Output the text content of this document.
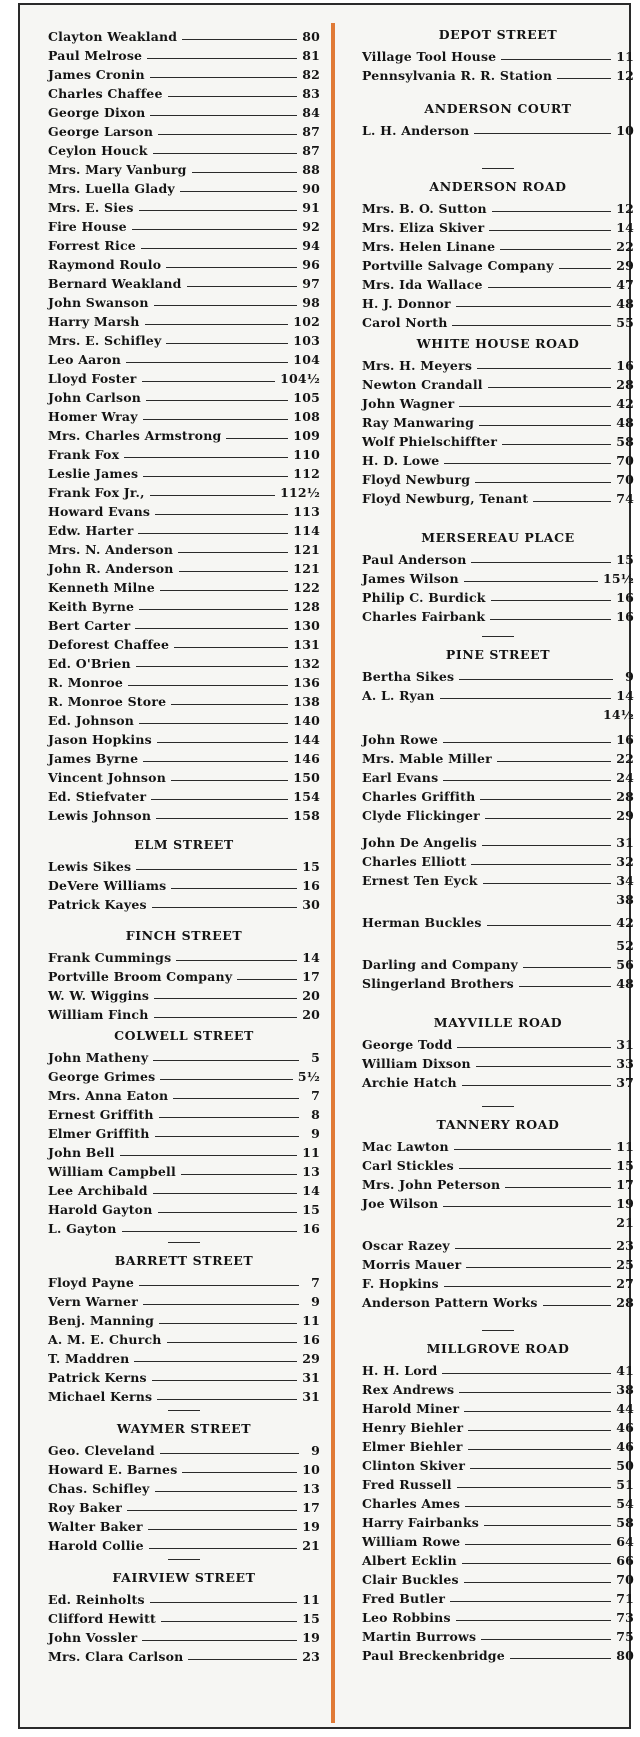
Clayton Weakland	80
Paul Melrose	81
James Cronin	82
Charles Chaffee	83
George Dixon	84
George Larson	87
Ceylon Houck	87
Mrs. Mary Vanburg	88
Mrs. Luella Glady	90
Mrs. E. Sies	91
Fire House	92
Forrest Rice	94
Raymond Roulo	96
Bernard Weakland	97
John Swanson	98
Harry Marsh	102
Mrs. E. Schifley	103
Leo Aaron	104
Lloyd Foster	104½
John Carlson	105
Homer Wray	108
Mrs. Charles Armstrong	109
Frank Fox	110
Leslie James	112
Frank Fox Jr.,	112½
Howard Evans	113
Edw. Harter	114
Mrs. N. Anderson	121
John R. Anderson	121
Kenneth Milne	122
Keith Byrne	128
Bert Carter	130
Deforest Chaffee	131
Ed. O'Brien	132
R. Monroe	136
R. Monroe Store	138
Ed. Johnson	140
Jason Hopkins	144
James Byrne	146
Vincent Johnson	150
Ed. Stiefvater	154
Lewis Johnson	158
ELM STREET
Lewis Sikes	15
DeVere Williams	16
Patrick Kayes	30
FINCH STREET
Frank Cummings	14
Portville Broom Company	17
W. W. Wiggins	20
William Finch	20
COLWELL STREET
John Matheny	5
George Grimes	5½
Mrs. Anna Eaton	7
Ernest Griffith	8
Elmer Griffith	9
John Bell	11
William Campbell	13
Lee Archibald	14
Harold Gayton	15
L. Gayton	16
BARRETT STREET
Floyd Payne	7
Vern Warner	9
Benj. Manning	11
A. M. E. Church	16
T. Maddren	29
Patrick Kerns	31
Michael Kerns	31
WAYMER STREET
Geo. Cleveland	9
Howard E. Barnes	10
Chas. Schifley	13
Roy Baker	17
Walter Baker	19
Harold Collie	21
FAIRVIEW STREET
Ed. Reinholts	11
Clifford Hewitt	15
John Vossler	19
Mrs. Clara Carlson	23
DEPOT STREET
Village Tool House	11
Pennsylvania R. R. Station	12
ANDERSON COURT
L. H. Anderson	10
ANDERSON ROAD
Mrs. B. O. Sutton	12
Mrs. Eliza Skiver	14
Mrs. Helen Linane	22
Portville Salvage Company	29
Mrs. Ida Wallace	47
H. J. Donnor	48
Carol North	55
WHITE HOUSE ROAD
Mrs. H. Meyers	16
Newton Crandall	28
John Wagner	42
Ray Manwaring	48
Wolf Phielschiffter	58
H. D. Lowe	70
Floyd Newburg	70
Floyd Newburg, Tenant	74
MERSEREAU PLACE
Paul Anderson	15
James Wilson	15½
Philip C. Burdick	16
Charles Fairbank	16
PINE STREET
Bertha Sikes	9
A. L. Ryan	14
14½
John Rowe	16
Mrs. Mable Miller	22
Earl Evans	24
Charles Griffith	28
Clyde Flickinger	29
John De Angelis	31
Charles Elliott	32
Ernest Ten Eyck	34
38
Herman Buckles	42
52
Darling and Company	56
Slingerland Brothers	48
MAYVILLE ROAD
George Todd	31
William Dixson	33
Archie Hatch	37
TANNERY ROAD
Mac Lawton	11
Carl Stickles	15
Mrs. John Peterson	17
Joe Wilson	19
21
Oscar Razey	23
Morris Mauer	25
F. Hopkins	27
Anderson Pattern Works	28
MILLGROVE ROAD
H. H. Lord	41
Rex Andrews	38
Harold Miner	44
Henry Biehler	46
Elmer Biehler	46
Clinton Skiver	50
Fred Russell	51
Charles Ames	54
Harry Fairbanks	58
William Rowe	64
Albert Ecklin	66
Clair Buckles	70
Fred Butler	71
Leo Robbins	73
Martin Burrows	75
Paul Breckenbridge	80
